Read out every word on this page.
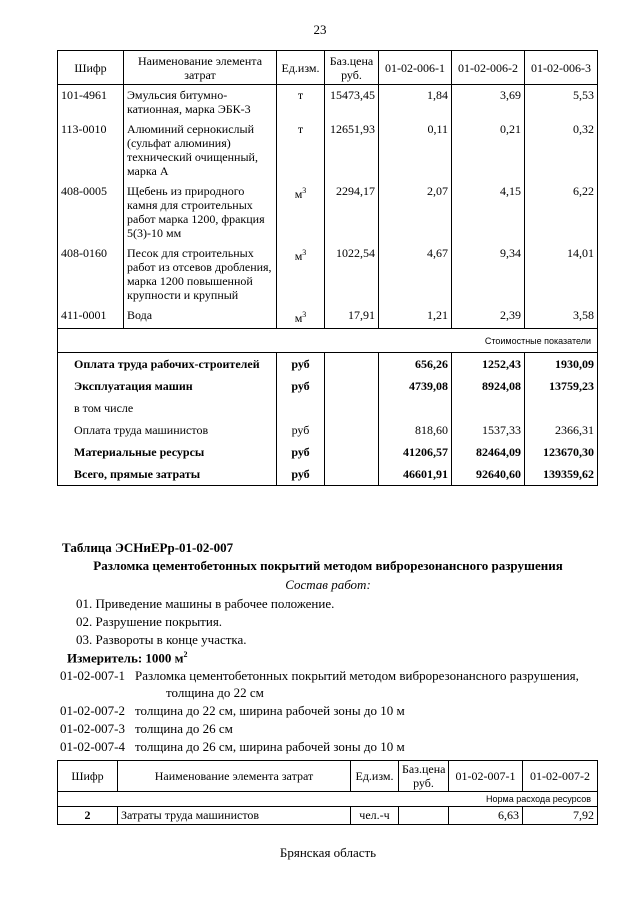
23
Шифр	Наименование элемента затрат	Ед.изм.	Баз.цена руб.	01-02-006-1	01-02-006-2	01-02-006-3
101-4961	Эмульсия битумно-катионная, марка ЭБК-3	т	15473,45	1,84	3,69	5,53
113-0010	Алюминий сернокислый (сульфат алюминия) технический очищенный, марка А	т	12651,93	0,11	0,21	0,32
408-0005	Щебень из природного камня для строительных работ марка 1200, фракция 5(3)-10 мм	$м^3$	2294,17	2,07	4,15	6,22
408-0160	Песок для строительных работ из отсевов дробления, марка 1200 повышенной крупности и крупный	$м^3$	1022,54	4,67	9,34	14,01
411-0001	Вода	$м^3$	17,91	1,21	2,39	3,58
Стоимостные показатели						
Оплата труда рабочих-строителей		руб		656,26	1252,43	1930,09
Эксплуатация машин		руб		4739,08	8924,08	13759,23
в том числе						
Оплата труда машинистов		руб		818,60	1537,33	2366,31
Материальные ресурсы		руб		41206,57	82464,09	123670,30
Всего, прямые затраты		руб		46601,91	92640,60	139359,62
Таблица ЭСНиЕРр-01-02-007
Разломка цементобетонных покрытий методом виброрезонансного разрушения
Состав работ:
01. Приведение машины в рабочее положение.
02. Разрушение покрытия.
03. Развороты в конце участка.
Измеритель: 1000 $м^2$
01-02-007-1 Разломка цементобетонных покрытий методом виброрезонансного разрушения,
толщина до 22 см
01-02-007-2 толщина до 22 см, ширина рабочей зоны до 10 м
01-02-007-3 толщина до 26 см
01-02-007-4 толщина до 26 см, ширина рабочей зоны до 10 м
Шифр	Наименование элемента затрат	Ед.изм.	Баз.цена руб.	01-02-007-1	01-02-007-2
Норма расхода ресурсов					
2	Затраты труда машинистов	чел.-ч		6,63	7,92
Брянская область
